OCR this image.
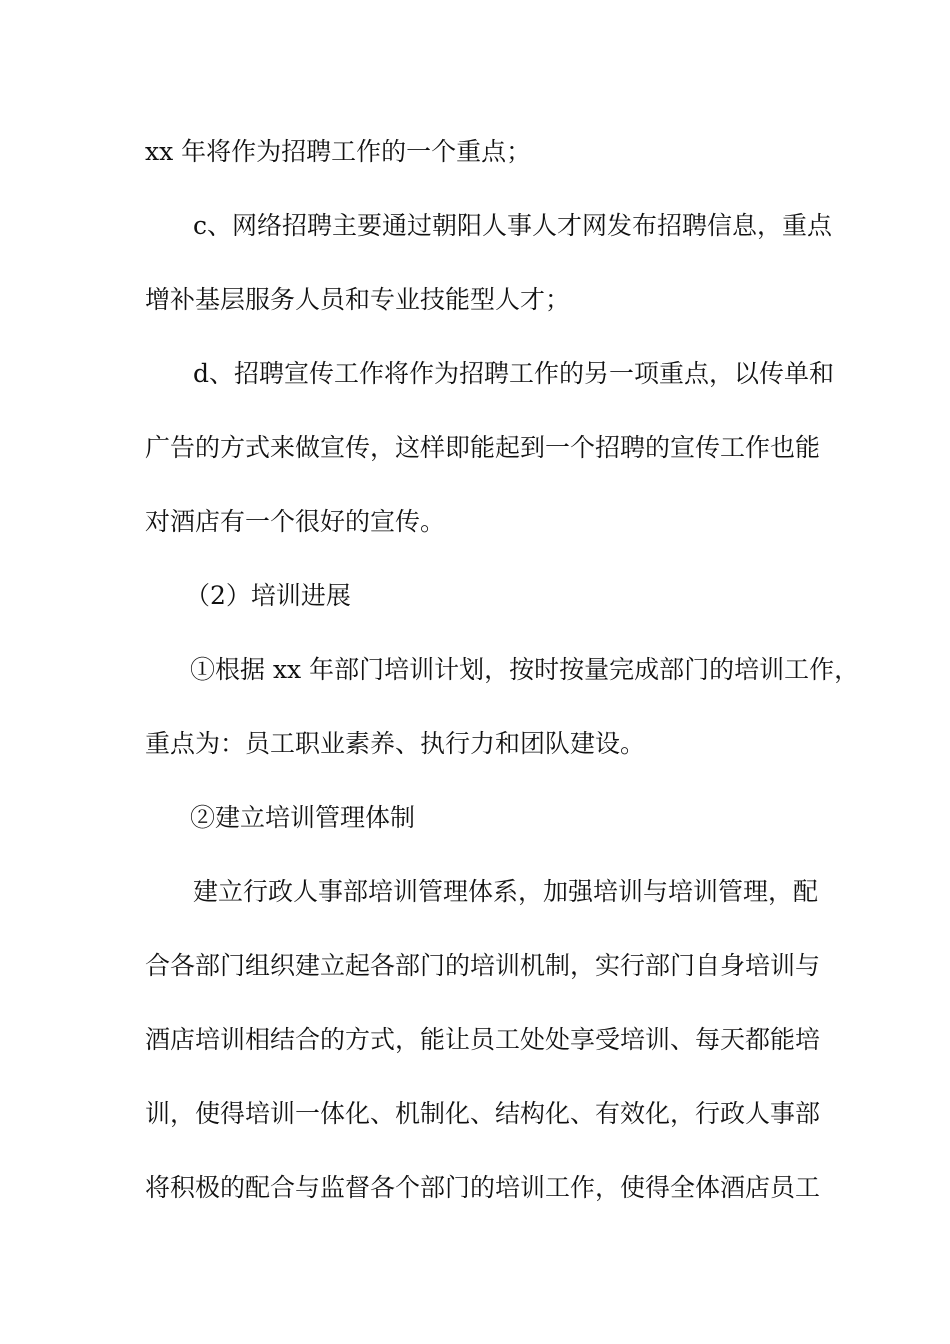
xx 年将作为招聘工作的一个重点；

c、网络招聘主要通过朝阳人事人才网发布招聘信息，重点

增补基层服务人员和专业技能型人才；

d、招聘宣传工作将作为招聘工作的另一项重点，以传单和

广告的方式来做宣传，这样即能起到一个招聘的宣传工作也能

对酒店有一个很好的宣传。

（2）培训进展

①根据 xx 年部门培训计划，按时按量完成部门的培训工作，

重点为：员工职业素养、执行力和团队建设。

②建立培训管理体制

建立行政人事部培训管理体系，加强培训与培训管理，配

合各部门组织建立起各部门的培训机制，实行部门自身培训与

酒店培训相结合的方式，能让员工处处享受培训、每天都能培

训，使得培训一体化、机制化、结构化、有效化，行政人事部

将积极的配合与监督各个部门的培训工作，使得全体酒店员工
